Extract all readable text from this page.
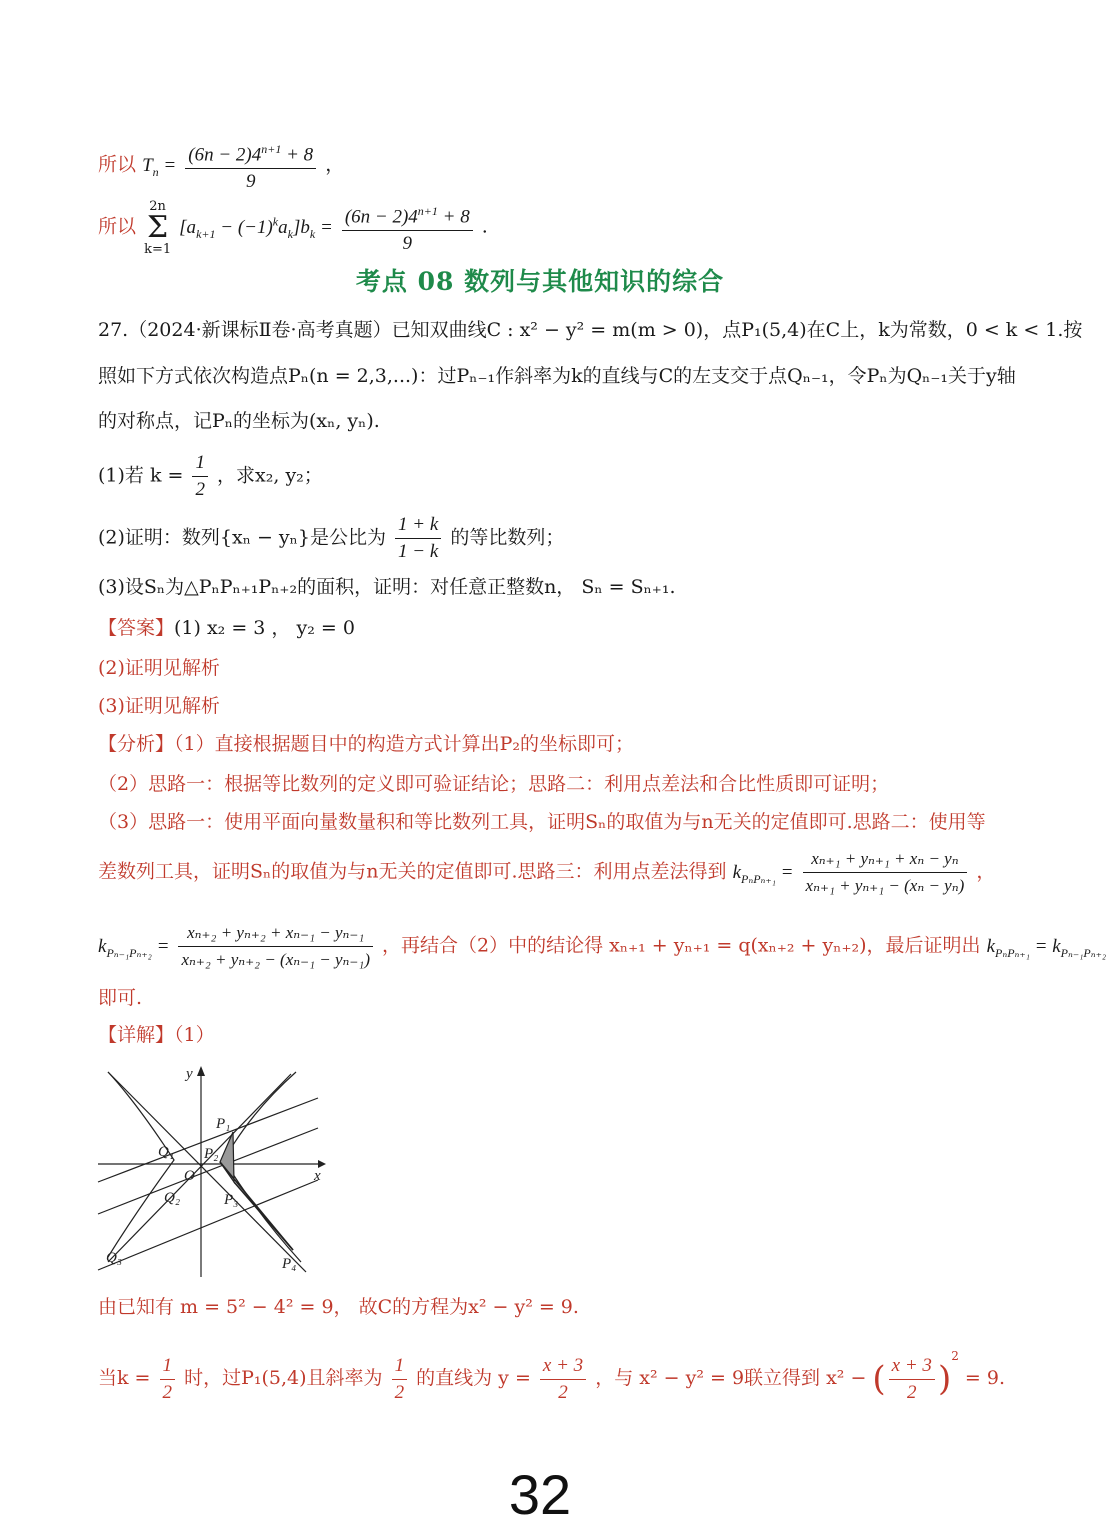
所以 $T_n = \frac{(6n - 2)4^{n+1} + 8}{9}$ ，
所以
2n
Σ
k=1
$[a_{k+1} - (-1)^ka_k]b_k = \frac{(6n - 2)4^{n+1} + 8}{9}$ .
考点 08 数列与其他知识的综合
27.（2024·新课标Ⅱ卷·高考真题）已知双曲线C : x² − y² = m(m > 0)，点P₁(5,4)在C上，k为常数，0 < k < 1.按
照如下方式依次构造点Pₙ(n = 2,3,...)：过Pₙ₋₁作斜率为k的直线与C的左支交于点Qₙ₋₁，令Pₙ为Qₙ₋₁关于y轴
的对称点，记Pₙ的坐标为(xₙ, yₙ).
(1)若 $k = \frac{1}{2}$ ，求x₂, y₂；
(2)证明：数列{xₙ − yₙ}是公比为 $\frac{1 + k}{1 - k}$ 的等比数列；
(3)设Sₙ为△PₙPₙ₊₁Pₙ₊₂的面积，证明：对任意正整数n， Sₙ = Sₙ₊₁.
【答案】(1) x₂ = 3 ， y₂ = 0
(2)证明见解析
(3)证明见解析
【分析】（1）直接根据题目中的构造方式计算出P₂的坐标即可；
（2）思路一：根据等比数列的定义即可验证结论；思路二：利用点差法和合比性质即可证明；
（3）思路一：使用平面向量数量积和等比数列工具，证明Sₙ的取值为与n无关的定值即可.思路二：使用等
差数列工具，证明Sₙ的取值为与n无关的定值即可.思路三：利用点差法得到 $k_{P_nP_{n+1}} = \frac{\text{xₙ₊₁ + yₙ₊₁ + xₙ − yₙ}}{\text{xₙ₊₁ + yₙ₊₁ − (xₙ − yₙ)}}$ ，
$k_{P_{n-1}P_{n+2}} = \frac{\text{xₙ₊₂ + yₙ₊₂ + xₙ₋₁ − yₙ₋₁}}{\text{xₙ₊₂ + yₙ₊₂ − (xₙ₋₁ − yₙ₋₁)}}$ ，再结合（2）中的结论得 xₙ₊₁ + yₙ₊₁ = q(xₙ₊₂ + yₙ₊₂)，最后证明出 $k_{P_nP_{n+1}} = k_{P_{n-1}P_{n+2}}$
即可.
【详解】（1）
y
x
O
P₁
P₂
P₃
P₄
Q₁
Q₂
Q₃
由已知有 m = 5² − 4² = 9， 故C的方程为x² − y² = 9.
当$k = \frac{1}{2}$ 时，过P₁(5,4)且斜率为 $\frac{1}{2}$ 的直线为 $y = \frac{x + 3}{2}$ ，与 x² − y² = 9联立得到 x² − ( $\frac{x + 3}{2} )^2 = 9$.
32
